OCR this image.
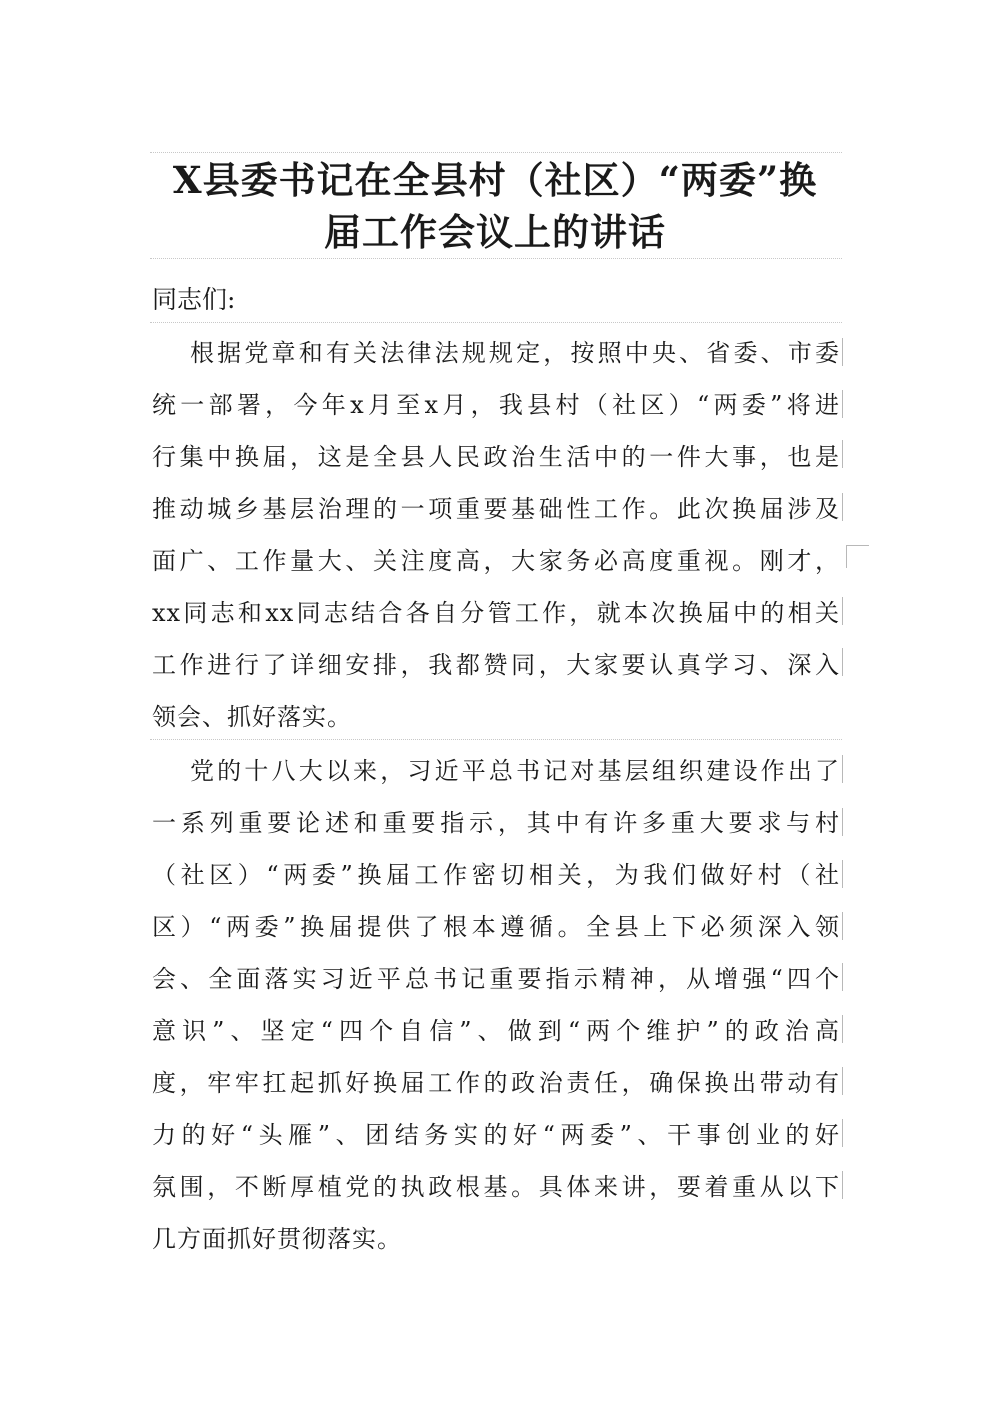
X县委书记在全县村（社区）“两委”换
届工作会议上的讲话
同志们:
根据党章和有关法律法规规定，按照中央、省委、市委
统一部署，今年x月至x月，我县村（社区）“两委”将进
行集中换届，这是全县人民政治生活中的一件大事，也是
推动城乡基层治理的一项重要基础性工作。此次换届涉及
面广、工作量大、关注度高，大家务必高度重视。刚才，
xx同志和xx同志结合各自分管工作，就本次换届中的相关
工作进行了详细安排，我都赞同，大家要认真学习、深入
领会、抓好落实。
党的十八大以来，习近平总书记对基层组织建设作出了
一系列重要论述和重要指示，其中有许多重大要求与村
（社区）“两委”换届工作密切相关，为我们做好村（社
区）“两委”换届提供了根本遵循。全县上下必须深入领
会、全面落实习近平总书记重要指示精神，从增强“四个
意识”、坚定“四个自信”、做到“两个维护”的政治高
度，牢牢扛起抓好换届工作的政治责任，确保换出带动有
力的好“头雁”、团结务实的好“两委”、干事创业的好
氛围，不断厚植党的执政根基。具体来讲，要着重从以下
几方面抓好贯彻落实。
